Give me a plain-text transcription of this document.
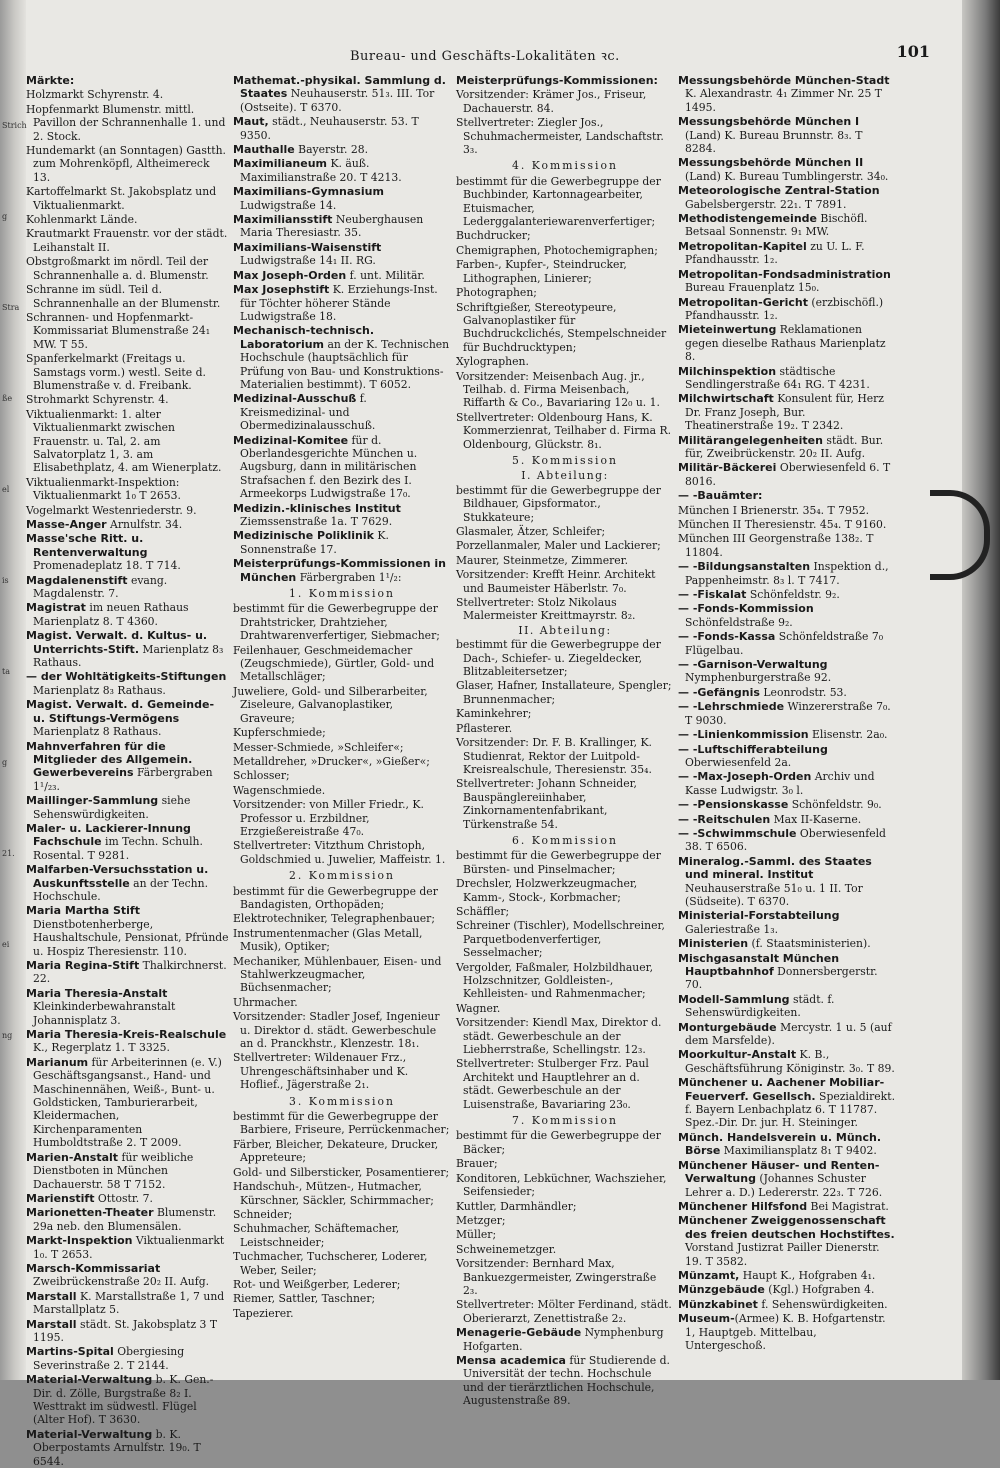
Strich
g
Stra
ße
el
is
ta
g
21.
ei
ng
Bureau- und Geschäfts-Lokalitäten ꝛc.	101
Märkte:
Holzmarkt Schyrenstr. 4.
Hopfenmarkt Blumenstr. mittl. Pavillon der Schrannenhalle 1. und 2. Stock.
Hundemarkt (an Sonntagen) Gastth. zum Mohrenköpfl, Altheimereck 13.
Kartoffelmarkt St. Jakobsplatz und Viktualienmarkt.
Kohlenmarkt Lände.
Krautmarkt Frauenstr. vor der städt. Leihanstalt II.
Obstgroßmarkt im nördl. Teil der Schrannenhalle a. d. Blumenstr.
Schranne im südl. Teil d. Schrannenhalle an der Blumenstr.
Schrannen- und Hopfenmarkt-Kommissariat Blumenstraße 24₁ MW. T 55.
Spanferkelmarkt (Freitags u. Samstags vorm.) westl. Seite d. Blumenstraße v. d. Freibank.
Strohmarkt Schyrenstr. 4.
Viktualienmarkt: 1. alter Viktualienmarkt zwischen Frauenstr. u. Tal, 2. am Salvatorplatz 1, 3. am Elisabethplatz, 4. am Wienerplatz.
Viktualienmarkt-Inspektion: Viktualienmarkt 1₀ T 2653.
Vogelmarkt Westenriederstr. 9.
Masse-Anger Arnulfstr. 34.
Masse'sche Ritt. u. Rentenverwaltung Promenadeplatz 18. T 714.
Magdalenenstift evang. Magdalenstr. 7.
Magistrat im neuen Rathaus Marienplatz 8. T 4360.
Magist. Verwalt. d. Kultus- u. Unterrichts-Stift. Marienplatz 8₃ Rathaus.
— der Wohltätigkeits-Stiftungen Marienplatz 8₃ Rathaus.
Magist. Verwalt. d. Gemeinde- u. Stiftungs-Vermögens Marienplatz 8 Rathaus.
Mahnverfahren für die Mitglieder des Allgemein. Gewerbevereins Färbergraben 1¹/₂₃.
Maillinger-Sammlung siehe Sehenswürdigkeiten.
Maler- u. Lackierer-Innung Fachschule im Techn. Schulh. Rosental. T 9281.
Malfarben-Versuchsstation u. Auskunftsstelle an der Techn. Hochschule.
Maria Martha Stift Dienstbotenherberge, Haushaltschule, Pensionat, Pfründe u. Hospiz Theresienstr. 110.
Maria Regina-Stift Thalkirchnerst. 22.
Maria Theresia-Anstalt Kleinkinderbewahranstalt Johannisplatz 3.
Maria Theresia-Kreis-Realschule K., Regerplatz 1. T 3325.
Marianum für Arbeiterinnen (e. V.) Geschäftsgangsanst., Hand- und Maschinennähen, Weiß-, Bunt- u. Goldsticken, Tamburierarbeit, Kleidermachen, Kirchenparamenten Humboldtstraße 2. T 2009.
Marien-Anstalt für weibliche Dienstboten in München Dachauerstr. 58 T 7152.
Marienstift Ottostr. 7.
Marionetten-Theater Blumenstr. 29a neb. den Blumensälen.
Markt-Inspektion Viktualienmarkt 1₀. T 2653.
Marsch-Kommissariat Zweibrückenstraße 20₂ II. Aufg.
Marstall K. Marstallstraße 1, 7 und Marstallplatz 5.
Marstall städt. St. Jakobsplatz 3 T 1195.
Martins-Spital Obergiesing Severinstraße 2. T 2144.
Material-Verwaltung b. K. Gen.-Dir. d. Zölle, Burgstraße 8₂ I. Westtrakt im südwestl. Flügel (Alter Hof). T 3630.
Material-Verwaltung b. K. Oberpostamts Arnulfstr. 19₀. T 6544.
Mathemat.-physikal. Sammlung d. Staates Neuhauserstr. 51₃. III. Tor (Ostseite). T 6370.
Maut, städt., Neuhauserstr. 53. T 9350.
Mauthalle Bayerstr. 28.
Maximilianeum K. äuß. Maximilianstraße 20. T 4213.
Maximilians-Gymnasium Ludwigstraße 14.
Maximiliansstift Neuberghausen Maria Theresiastr. 35.
Maximilians-Waisenstift Ludwigstraße 14₁ II. RG.
Max Joseph-Orden f. unt. Militär.
Max Josephstift K. Erziehungs-Inst. für Töchter höherer Stände Ludwigstraße 18.
Mechanisch-technisch. Laboratorium an der K. Technischen Hochschule (hauptsächlich für Prüfung von Bau- und Konstruktions-Materialien bestimmt). T 6052.
Medizinal-Ausschuß f. Kreismedizinal- und Obermedizinalausschuß.
Medizinal-Komitee für d. Oberlandesgerichte München u. Augsburg, dann in militärischen Strafsachen f. den Bezirk des I. Armeekorps Ludwigstraße 17₀.
Medizin.-klinisches Institut Ziemssenstraße 1a. T 7629.
Medizinische Poliklinik K. Sonnenstraße 17.
Meisterprüfungs-Kommissionen in München Färbergraben 1¹/₂:
1. Kommission
bestimmt für die Gewerbegruppe der Drahtstricker, Drahtzieher, Drahtwarenverfertiger, Siebmacher;
Feilenhauer, Geschmeidemacher (Zeugschmiede), Gürtler, Gold- und Metallschläger;
Juweliere, Gold- und Silberarbeiter, Ziseleure, Galvanoplastiker, Graveure;
Kupferschmiede;
Messer-Schmiede, »Schleifer«;
Metalldreher, »Drucker«, »Gießer«;
Schlosser;
Wagenschmiede.
Vorsitzender: von Miller Friedr., K. Professor u. Erzbildner, Erzgießereistraße 47₀.
Stellvertreter: Vitzthum Christoph, Goldschmied u. Juwelier, Maffeistr. 1.
2. Kommission
bestimmt für die Gewerbegruppe der Bandagisten, Orthopäden;
Elektrotechniker, Telegraphenbauer;
Instrumentenmacher (Glas Metall, Musik), Optiker;
Mechaniker, Mühlenbauer, Eisen- und Stahlwerkzeugmacher, Büchsenmacher;
Uhrmacher.
Vorsitzender: Stadler Josef, Ingenieur u. Direktor d. städt. Gewerbeschule an d. Pranckhstr., Klenzestr. 18₁.
Stellvertreter: Wildenauer Frz., Uhrengeschäftsinhaber und K. Hoflief., Jägerstraße 2₁.
3. Kommission
bestimmt für die Gewerbegruppe der Barbiere, Friseure, Perrückenmacher;
Färber, Bleicher, Dekateure, Drucker, Appreteure;
Gold- und Silbersticker, Posamentierer;
Handschuh-, Mützen-, Hutmacher, Kürschner, Säckler, Schirmmacher;
Schneider;
Schuhmacher, Schäftemacher, Leistschneider;
Tuchmacher, Tuchscherer, Loderer, Weber, Seiler;
Rot- und Weißgerber, Lederer;
Riemer, Sattler, Taschner;
Tapezierer.
Meisterprüfungs-Kommissionen:
Vorsitzender: Krämer Jos., Friseur, Dachauerstr. 84.
Stellvertreter: Ziegler Jos., Schuhmachermeister, Landschaftstr. 3₃.
4. Kommission
bestimmt für die Gewerbegruppe der Buchbinder, Kartonnagearbeiter, Etuismacher, Lederggalanteriewarenverfertiger;
Buchdrucker;
Chemigraphen, Photochemigraphen;
Farben-, Kupfer-, Steindrucker, Lithographen, Linierer;
Photographen;
Schriftgießer, Stereotypeure, Galvanoplastiker für Buchdruckclichés, Stempelschneider für Buchdrucktypen;
Xylographen.
Vorsitzender: Meisenbach Aug. jr., Teilhab. d. Firma Meisenbach, Riffarth & Co., Bavariaring 12₀ u. 1.
Stellvertreter: Oldenbourg Hans, K. Kommerzienrat, Teilhaber d. Firma R. Oldenbourg, Glückstr. 8₁.
5. Kommission
I. Abteilung:
bestimmt für die Gewerbegruppe der Bildhauer, Gipsformator., Stukkateure;
Glasmaler, Ätzer, Schleifer;
Porzellanmaler, Maler und Lackierer;
Maurer, Steinmetze, Zimmerer.
Vorsitzender: Krefft Heinr. Architekt und Baumeister Häberlstr. 7₀.
Stellvertreter: Stolz Nikolaus Malermeister Kreittmayrstr. 8₂.
II. Abteilung:
bestimmt für die Gewerbegruppe der Dach-, Schiefer- u. Ziegeldecker, Blitzableitersetzer;
Glaser, Hafner, Installateure, Spengler; Brunnenmacher;
Kaminkehrer;
Pflasterer.
Vorsitzender: Dr. F. B. Krallinger, K. Studienrat, Rektor der Luitpold-Kreisrealschule, Theresienstr. 35₄.
Stellvertreter: Johann Schneider, Bauspänglereiinhaber, Zinkornamentenfabrikant, Türkenstraße 54.
6. Kommission
bestimmt für die Gewerbegruppe der Bürsten- und Pinselmacher;
Drechsler, Holzwerkzeugmacher, Kamm-, Stock-, Korbmacher;
Schäffler;
Schreiner (Tischler), Modellschreiner, Parquetbodenverfertiger, Sesselmacher;
Vergolder, Faßmaler, Holzbildhauer, Holzschnitzer, Goldleisten-, Kehlleisten- und Rahmenmacher;
Wagner.
Vorsitzender: Kiendl Max, Direktor d. städt. Gewerbeschule an der Liebherrstraße, Schellingstr. 12₃.
Stellvertreter: Stulberger Frz. Paul Architekt und Hauptlehrer an d. städt. Gewerbeschule an der Luisenstraße, Bavariaring 23₀.
7. Kommission
bestimmt für die Gewerbegruppe der Bäcker;
Brauer;
Konditoren, Lebküchner, Wachszieher, Seifensieder;
Kuttler, Darmhändler;
Metzger;
Müller;
Schweinemetzger.
Vorsitzender: Bernhard Max, Bankuezgermeister, Zwingerstraße 2₃.
Stellvertreter: Mölter Ferdinand, städt. Oberierarzt, Zenettistraße 2₂.
Menagerie-Gebäude Nymphenburg Hofgarten.
Mensa academica für Studierende d. Universität der techn. Hochschule und der tierärztlichen Hochschule, Augustenstraße 89.
Messungsbehörde München-Stadt K. Alexandrastr. 4₁ Zimmer Nr. 25 T 1495.
Messungsbehörde München I (Land) K. Bureau Brunnstr. 8₃. T 8284.
Messungsbehörde München II (Land) K. Bureau Tumblingerstr. 34₀.
Meteorologische Zentral-Station Gabelsbergerstr. 22₁. T 7891.
Methodistengemeinde Bischöfl. Betsaal Sonnenstr. 9₁ MW.
Metropolitan-Kapitel zu U. L. F. Pfandhausstr. 1₂.
Metropolitan-Fondsadministration Bureau Frauenplatz 15₀.
Metropolitan-Gericht (erzbischöfl.) Pfandhausstr. 1₂.
Mieteinwertung Reklamationen gegen dieselbe Rathaus Marienplatz 8.
Milchinspektion städtische Sendlingerstraße 64₁ RG. T 4231.
Milchwirtschaft Konsulent für, Herz Dr. Franz Joseph, Bur. Theatinerstraße 19₂. T 2342.
Militärangelegenheiten städt. Bur. für, Zweibrückenstr. 20₂ II. Aufg.
Militär-Bäckerei Oberwiesenfeld 6. T 8016.
— -Bauämter:
München I Brienerstr. 35₄. T 7952.
München II Theresienstr. 45₄. T 9160.
München III Georgenstraße 138₂. T 11804.
— -Bildungsanstalten Inspektion d., Pappenheimstr. 8₃ l. T 7417.
— -Fiskalat Schönfeldstr. 9₂.
— -Fonds-Kommission Schönfeldstraße 9₂.
— -Fonds-Kassa Schönfeldstraße 7₀ Flügelbau.
— -Garnison-Verwaltung Nymphenburgerstraße 92.
— -Gefängnis Leonrodstr. 53.
— -Lehrschmiede Winzererstraße 7₀. T 9030.
— -Linienkommission Elisenstr. 2a₀.
— -Luftschifferabteilung Oberwiesenfeld 2a.
— -Max-Joseph-Orden Archiv und Kasse Ludwigstr. 3₀ l.
— -Pensionskasse Schönfeldstr. 9₀.
— -Reitschulen Max II-Kaserne.
— -Schwimmschule Oberwiesenfeld 38. T 6506.
Mineralog.-Samml. des Staates und mineral. Institut Neuhauserstraße 51₀ u. 1 II. Tor (Südseite). T 6370.
Ministerial-Forstabteilung Galeriestraße 1₃.
Ministerien (f. Staatsministerien).
Mischgasanstalt München Hauptbahnhof Donnersbergerstr. 70.
Modell-Sammlung städt. f. Sehenswürdigkeiten.
Monturgebäude Mercystr. 1 u. 5 (auf dem Marsfelde).
Moorkultur-Anstalt K. B., Geschäftsführung Königinstr. 3₀. T 89.
Münchener u. Aachener Mobiliar-Feuerverf. Gesellsch. Spezialdirekt. f. Bayern Lenbachplatz 6. T 11787. Spez.-Dir. Dr. jur. H. Steininger.
Münch. Handelsverein u. Münch. Börse Maximiliansplatz 8₁ T 9402.
Münchener Häuser- und Renten-Verwaltung (Johannes Schuster Lehrer a. D.) Ledererstr. 22₃. T 726.
Münchener Hilfsfond Bei Magistrat.
Münchener Zweiggenossenschaft des freien deutschen Hochstiftes. Vorstand Justizrat Pailler Dienerstr. 19. T 3582.
Münzamt, Haupt K., Hofgraben 4₁.
Münzgebäude (Kgl.) Hofgraben 4.
Münzkabinet f. Sehenswürdigkeiten.
Museum-(Armee) K. B. Hofgartenstr. 1, Hauptgeb. Mittelbau, Untergeschoß.
